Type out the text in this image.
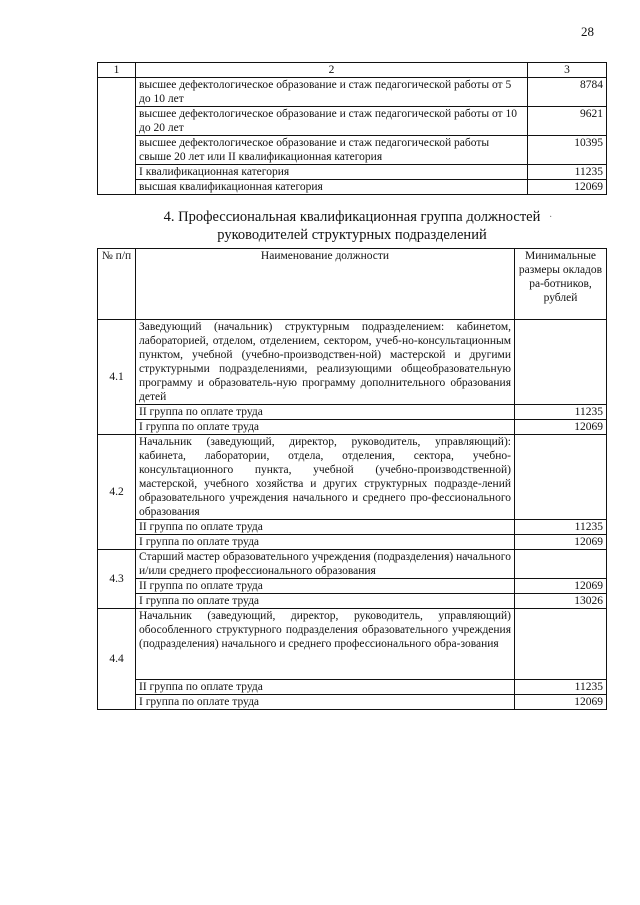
28
1	2	3
	высшее дефектологическое образование и стаж педагогической работы от 5 до 10 лет	8784
	высшее дефектологическое образование и стаж педагогической работы от 10 до 20 лет	9621
	высшее дефектологическое образование и стаж педагогической работы свыше 20 лет или II квалификационная категория	10395
	I квалификационная категория	11235
	высшая квалификационная категория	12069
4. Профессиональная квалификационная группа должностей
руководителей структурных подразделений
·
№ п/п	Наименование должности	Минимальные размеры окладов ра-ботников, рублей
4.1	Заведующий (начальник) структурным подразделением: кабинетом, лабораторией, отделом, отделением, сектором, учеб-но-консультационным пунктом, учебной (учебно-производствен-ной) мастерской и другими структурными подразделениями, реализующими общеобразовательную программу и образователь-ную программу дополнительного образования детей	
	II группа по оплате труда	11235
	I группа по оплате труда	12069
4.2	Начальник (заведующий, директор, руководитель, управляющий): кабинета, лаборатории, отдела, отделения, сектора, учебно-консультационного пункта, учебной (учебно-производственной) мастерской, учебного хозяйства и других структурных подразде-лений образовательного учреждения начального и среднего про-фессионального образования	
	II группа по оплате труда	11235
	I группа по оплате труда	12069
4.3	Старший мастер образовательного учреждения (подразделения) начального и/или среднего профессионального образования	
	II группа по оплате труда	12069
	I группа по оплате труда	13026
4.4	Начальник (заведующий, директор, руководитель, управляющий) обособленного структурного подразделения образовательного учреждения (подразделения) начального и среднего профессионального обра-зования	
	II группа по оплате труда	11235
	I группа по оплате труда	12069
